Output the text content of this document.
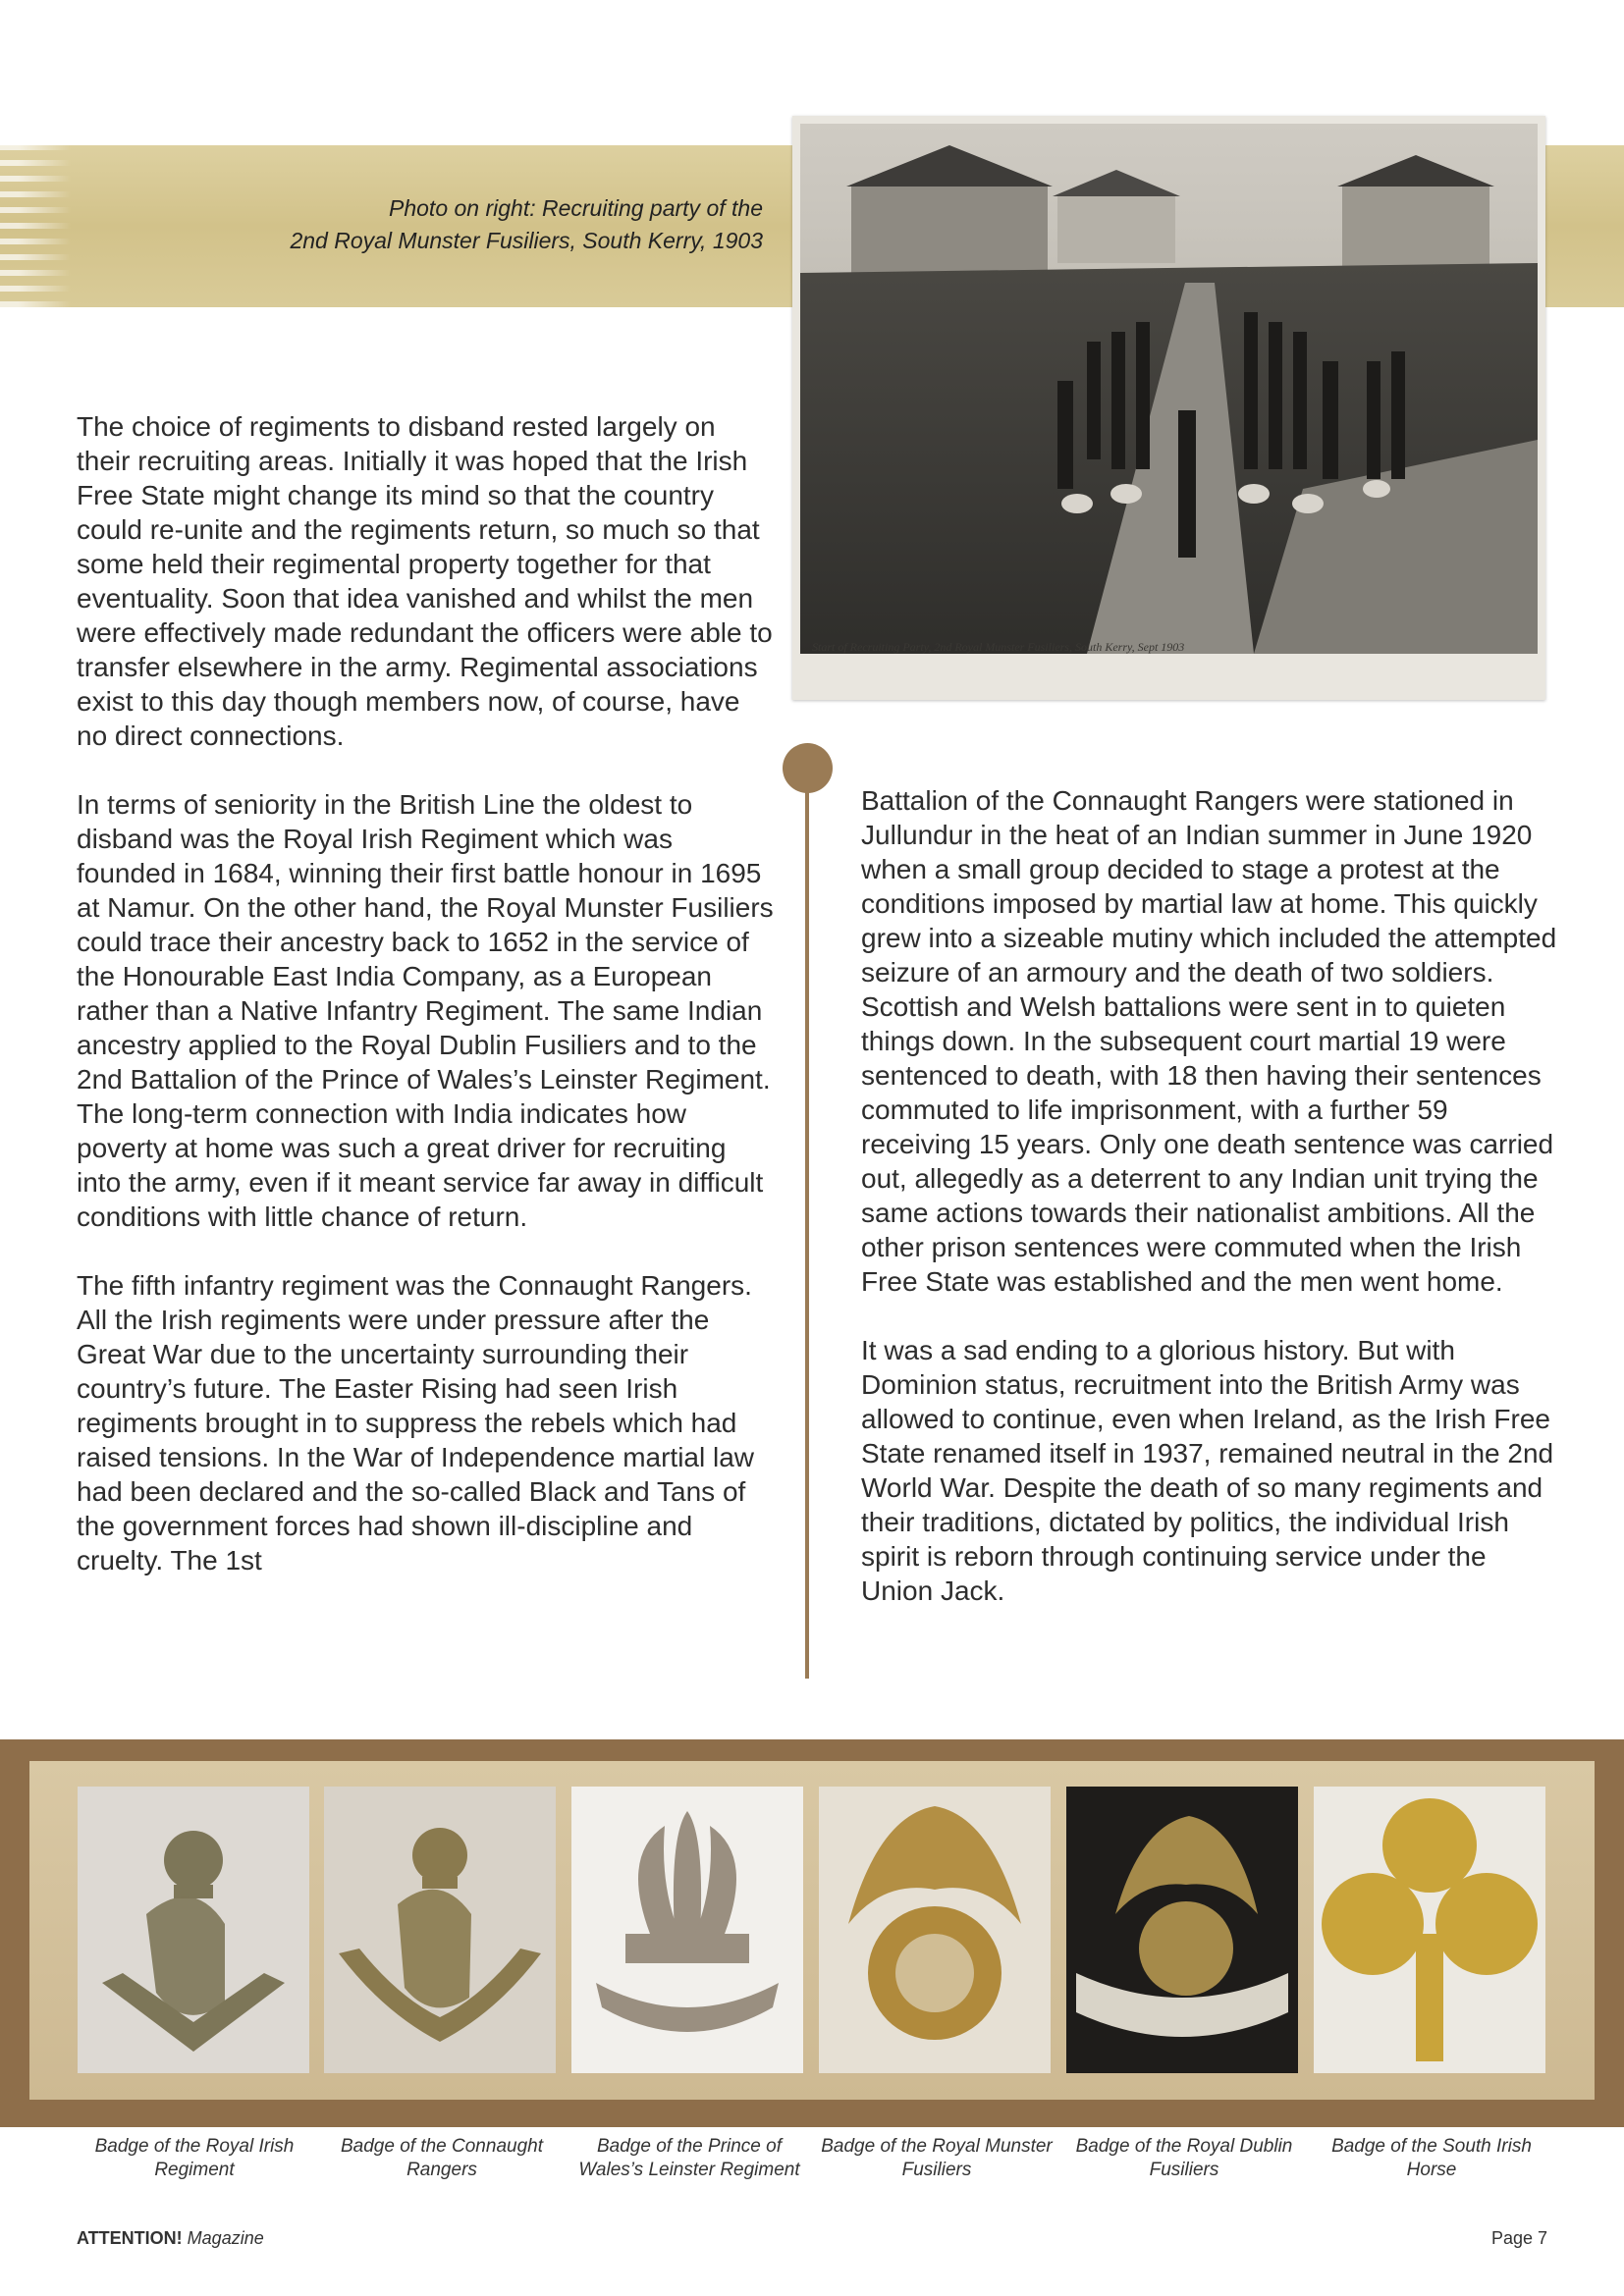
Photo on right: Recruiting party of the
2nd Royal Munster Fusiliers, South Kerry, 1903
Start of Recruiting Party, 2nd Royal Munster Fusiliers, South Kerry, Sept 1903

The choice of regiments to disband rested largely on their recruiting areas. Initially it was hoped that the Irish Free State might change its mind so that the country could re-unite and the regiments return, so much so that some held their regimental property together for that eventuality. Soon that idea vanished and whilst the men were effectively made redundant the officers were able to transfer elsewhere in the army. Regimental associations exist to this day though members now, of course, have no direct connections.

In terms of seniority in the British Line the oldest to disband was the Royal Irish Regiment which was founded in 1684, winning their first battle honour in 1695 at Namur. On the other hand, the Royal Munster Fusiliers could trace their ancestry back to 1652 in the service of the Honourable East India Company, as a European rather than a Native Infantry Regiment. The same Indian ancestry applied to the Royal Dublin Fusiliers and to the 2nd Battalion of the Prince of Wales’s Leinster Regiment. The long-term connection with India indicates how poverty at home was such a great driver for recruiting into the army, even if it meant service far away in difficult conditions with little chance of return.

The fifth infantry regiment was the Connaught Rangers. All the Irish regiments were under pressure after the Great War due to the uncertainty surrounding their country’s future. The Easter Rising had seen Irish regiments brought in to suppress the rebels which had raised tensions. In the War of Independence martial law had been declared and the so-called Black and Tans of the government forces had shown ill-discipline and cruelty. The 1st

Battalion of the Connaught Rangers were stationed in Jullundur in the heat of an Indian summer in June 1920 when a small group decided to stage a protest at the conditions imposed by martial law at home. This quickly grew into a sizeable mutiny which included the attempted seizure of an armoury and the death of two soldiers. Scottish and Welsh battalions were sent in to quieten things down. In the subsequent court martial 19 were sentenced to death, with 18 then having their sentences commuted to life imprisonment, with a further 59 receiving 15 years. Only one death sentence was carried out, allegedly as a deterrent to any Indian unit trying the same actions towards their nationalist ambitions. All the other prison sentences were commuted when the Irish Free State was established and the men went home.

It was a sad ending to a glorious history. But with Dominion status, recruitment into the British Army was allowed to continue, even when Ireland, as the Irish Free State renamed itself in 1937, remained neutral in the 2nd World War. Despite the death of so many regiments and their traditions, dictated by politics, the individual Irish spirit is reborn through continuing service under the Union Jack.

Badge of the Royal Irish Regiment
Badge of the Connaught Rangers
Badge of the Prince of Wales’s Leinster Regiment
Badge of the Royal Munster Fusiliers
Badge of the Royal Dublin Fusiliers
Badge of the South Irish Horse
ATTENTION! Magazine	Page 7
